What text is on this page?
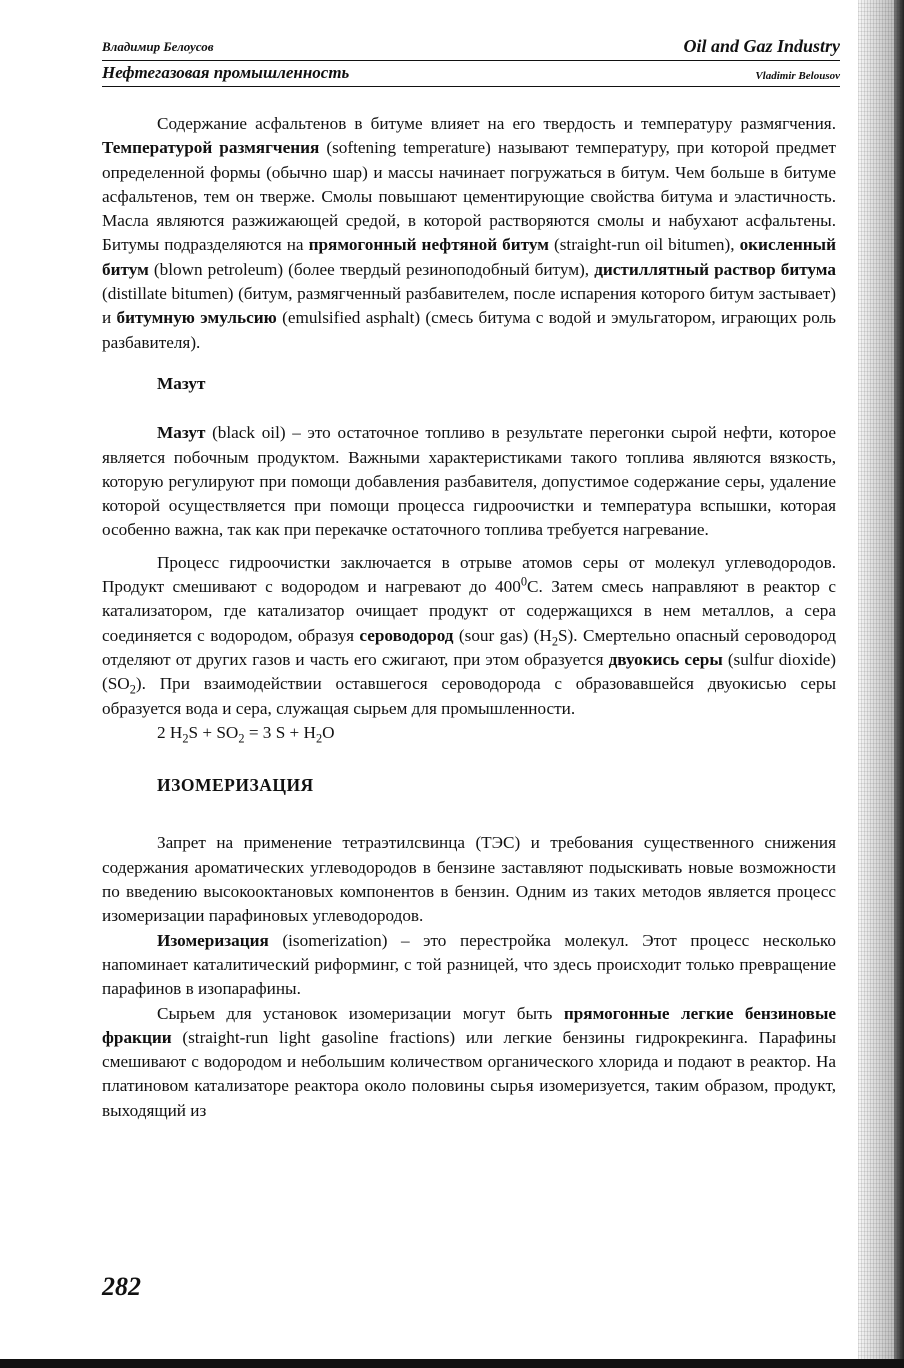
Владимир Белоусов	Oil and Gaz Industry
Нефтегазовая промышленность	Vladimir Belousov

Содержание асфальтенов в битуме влияет на его твердость и температуру размягчения. Температурой размягчения (softening temperature) называют температуру, при которой предмет определенной формы (обычно шар) и массы начинает погружаться в битум. Чем больше в битуме асфальтенов, тем он тверже. Смолы повышают цементирующие свойства битума и эластичность. Масла являются разжижающей средой, в которой растворяются смолы и набухают асфальтены. Битумы подразделяются на прямогонный нефтяной битум (straight-run oil bitumen), окисленный битум (blown petroleum) (более твердый резиноподобный битум), дистиллятный раствор битума (distillate bitumen) (битум, размягченный разбавителем, после испарения которого битум застывает) и битумную эмульсию (emulsified asphalt) (смесь битума с водой и эмульгатором, играющих роль разбавителя).

Мазут

Мазут (black oil) – это остаточное топливо в результате перегонки сырой нефти, которое является побочным продуктом. Важными характеристиками такого топлива являются вязкость, которую регулируют при помощи добавления разбавителя, допустимое содержание серы, удаление которой осуществляется при помощи процесса гидроочистки и температура вспышки, которая особенно важна, так как при перекачке остаточного топлива требуется нагревание.

Процесс гидроочистки заключается в отрыве атомов серы от молекул углеводородов. Продукт смешивают с водородом и нагревают до $400^0С$. Затем смесь направляют в реактор с катализатором, где катализатор очищает продукт от содержащихся в нем металлов, а сера соединяется с водородом, образуя сероводород (sour gas) $(H_2S)$. Смертельно опасный сероводород отделяют от других газов и часть его сжигают, при этом образуется двуокись серы (sulfur dioxide) $(SO_2)$. При взаимодействии оставшегося сероводорода с образовавшейся двуокисью серы образуется вода и сера, служащая сырьем для промышленности.

2 $H_2S + SO_2 = 3$ $S + H_2O$
ИЗОМЕРИЗАЦИЯ

Запрет на применение тетраэтилсвинца (ТЭС) и требования существенного снижения содержания ароматических углеводородов в бензине заставляют подыскивать новые возможности по введению высокооктановых компонентов в бензин. Одним из таких методов является процесс изомеризации парафиновых углеводородов.

Изомеризация (isomerization) – это перестройка молекул. Этот процесс несколько напоминает каталитический риформинг, с той разницей, что здесь происходит только превращение парафинов в изопарафины.

Сырьем для установок изомеризации могут быть прямогонные легкие бензиновые фракции (straight-run light gasoline fractions) или легкие бензины гидрокрекинга. Парафины смешивают с водородом и небольшим количеством органического хлорида и подают в реактор. На платиновом катализаторе реактора около половины сырья изомеризуется, таким образом, продукт, выходящий из

282
